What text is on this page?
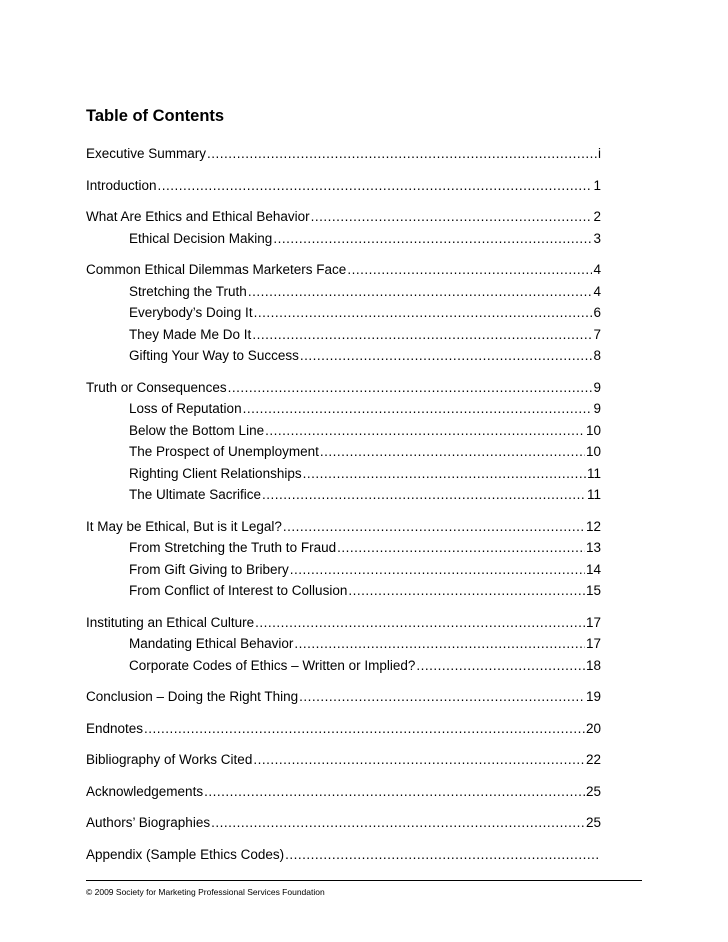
Table of Contents
Executive Summary .....	i
Introduction .....	1
What Are Ethics and Ethical Behavior .....	2
Ethical Decision Making .....	3
Common Ethical Dilemmas Marketers Face .....	4
Stretching the Truth .....	4
Everybody’s Doing It .....	6
They Made Me Do It .....	7
Gifting Your Way to Success .....	8
Truth or Consequences .....	9
Loss of Reputation .....	9
Below the Bottom Line .....	10
The Prospect of Unemployment .....	10
Righting Client Relationships .....	11
The Ultimate Sacrifice .....	11
It May be Ethical, But is it Legal? .....	12
From Stretching the Truth to Fraud .....	13
From Gift Giving to Bribery .....	14
From Conflict of Interest to Collusion .....	15
Instituting an Ethical Culture .....	17
Mandating Ethical Behavior .....	17
Corporate Codes of Ethics – Written or Implied? .....	18
Conclusion – Doing the Right Thing .....	19
Endnotes .....	20
Bibliography of Works Cited .....	22
Acknowledgements .....	25
Authors’ Biographies .....	25
Appendix (Sample Ethics Codes)
.....
© 2009 Society for Marketing Professional Services Foundation
